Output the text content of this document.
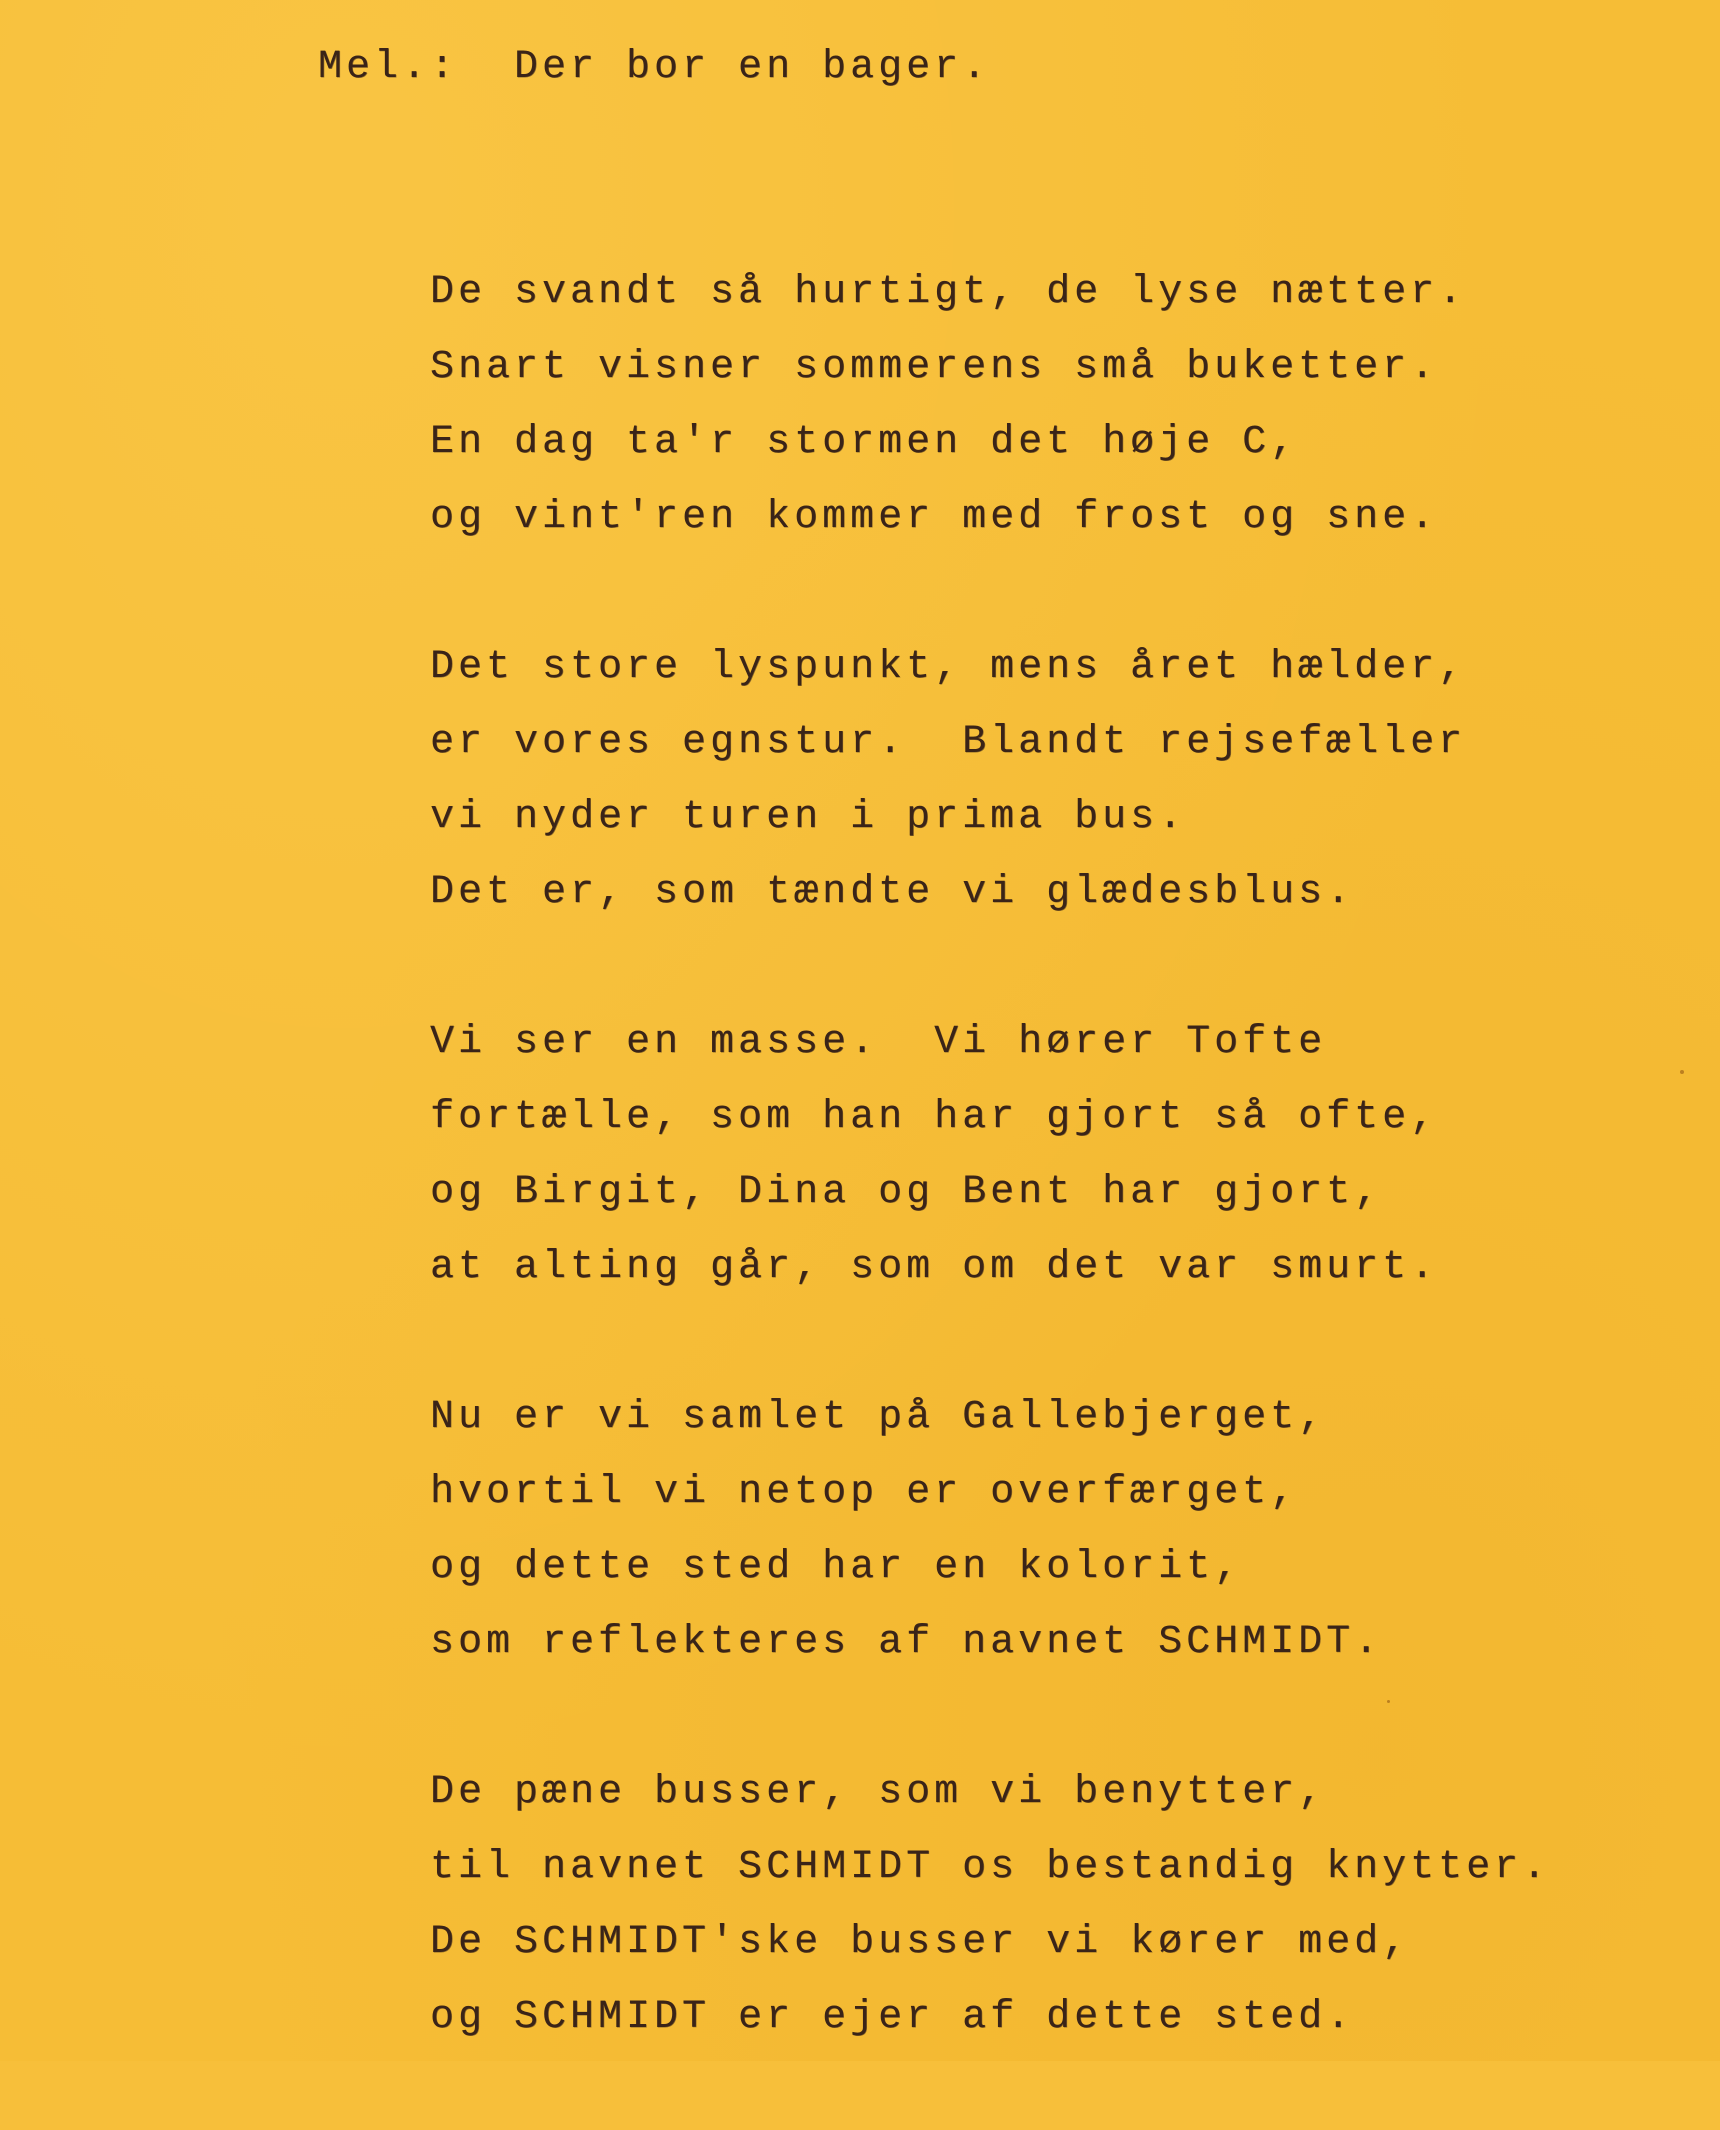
Mel.:  Der bor en bager.

De svandt så hurtigt, de lyse nætter.
Snart visner sommerens små buketter.
En dag ta'r stormen det høje C,
og vint'ren kommer med frost og sne.

Det store lyspunkt, mens året hælder,
er vores egnstur.  Blandt rejsefæller
vi nyder turen i prima bus.
Det er, som tændte vi glædesblus.

Vi ser en masse.  Vi hører Tofte
fortælle, som han har gjort så ofte,
og Birgit, Dina og Bent har gjort,
at alting går, som om det var smurt.

Nu er vi samlet på Gallebjerget,
hvortil vi netop er overfærget,
og dette sted har en kolorit,
som reflekteres af navnet SCHMIDT.

De pæne busser, som vi benytter,
til navnet SCHMIDT os bestandig knytter.
De SCHMIDT'ske busser vi kører med,
og SCHMIDT er ejer af dette sted.
